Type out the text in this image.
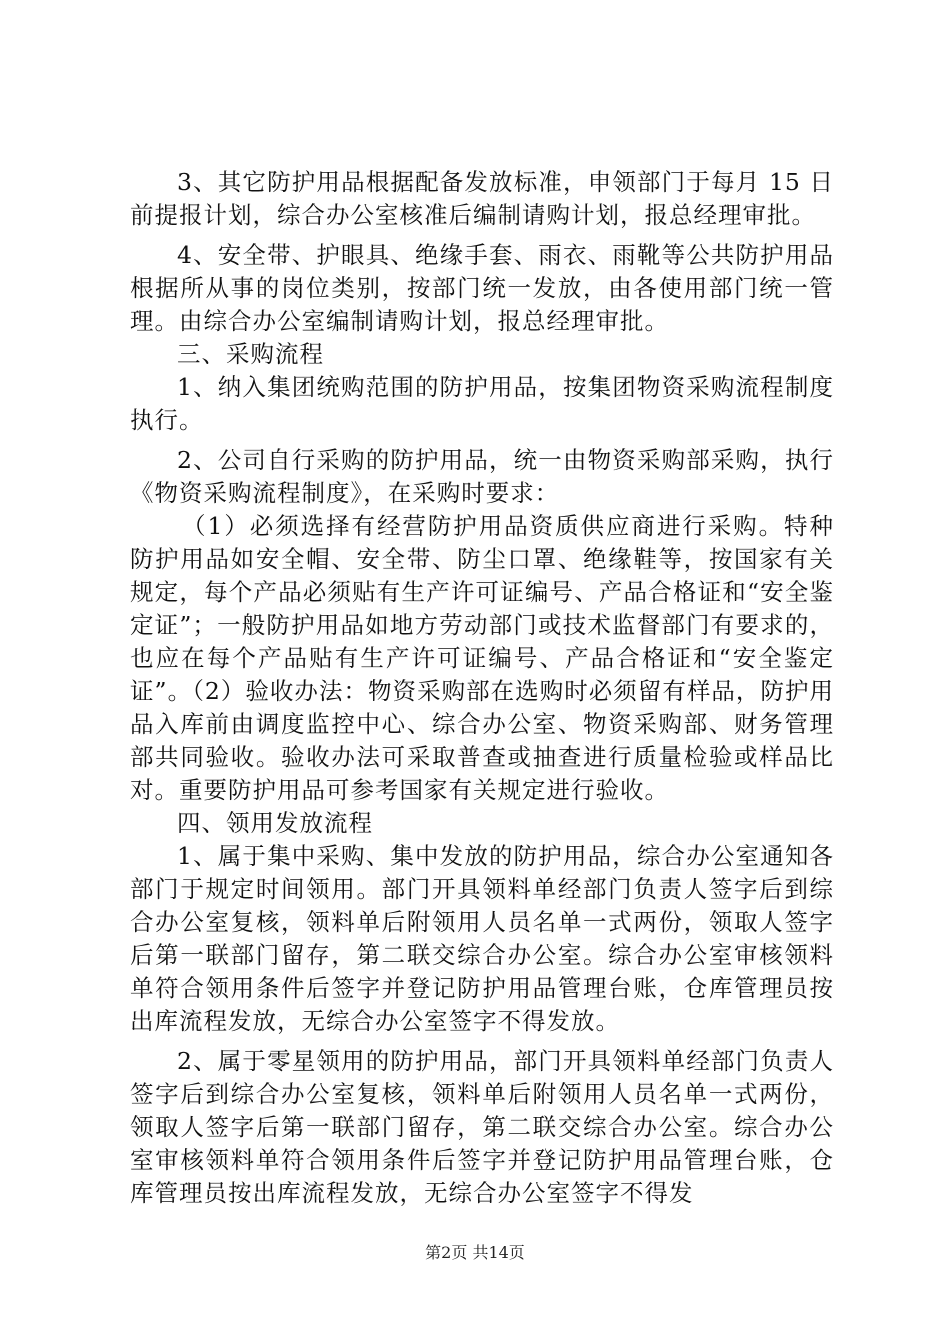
3、其它防护用品根据配备发放标准，申领部门于每月 15 日前提报计划，综合办公室核准后编制请购计划，报总经理审批。

4、安全带、护眼具、绝缘手套、雨衣、雨靴等公共防护用品根据所从事的岗位类别，按部门统一发放，由各使用部门统一管理。由综合办公室编制请购计划，报总经理审批。

三、采购流程

1、纳入集团统购范围的防护用品，按集团物资采购流程制度执行。

2、公司自行采购的防护用品，统一由物资采购部采购，执行《物资采购流程制度》，在采购时要求：

（1）必须选择有经营防护用品资质供应商进行采购。特种防护用品如安全帽、安全带、防尘口罩、绝缘鞋等，按国家有关规定，每个产品必须贴有生产许可证编号、产品合格证和“安全鉴定证”；一般防护用品如地方劳动部门或技术监督部门有要求的，也应在每个产品贴有生产许可证编号、产品合格证和“安全鉴定证”。（2）验收办法：物资采购部在选购时必须留有样品，防护用品入库前由调度监控中心、综合办公室、物资采购部、财务管理部共同验收。验收办法可采取普查或抽查进行质量检验或样品比对。重要防护用品可参考国家有关规定进行验收。

四、领用发放流程

1、属于集中采购、集中发放的防护用品，综合办公室通知各部门于规定时间领用。部门开具领料单经部门负责人签字后到综合办公室复核，领料单后附领用人员名单一式两份，领取人签字后第一联部门留存，第二联交综合办公室。综合办公室审核领料单符合领用条件后签字并登记防护用品管理台账，仓库管理员按出库流程发放，无综合办公室签字不得发放。

2、属于零星领用的防护用品，部门开具领料单经部门负责人签字后到综合办公室复核，领料单后附领用人员名单一式两份，领取人签字后第一联部门留存，第二联交综合办公室。综合办公室审核领料单符合领用条件后签字并登记防护用品管理台账，仓库管理员按出库流程发放，无综合办公室签字不得发

第2页 共14页
